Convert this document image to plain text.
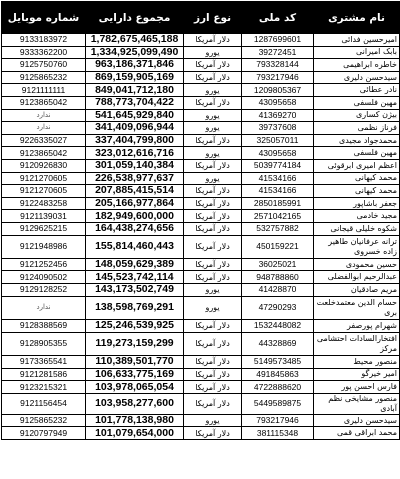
نام مشتری	کد ملی	نوع ارز	مجموع دارایی	شماره موبایل
امیرحسین فدائی	1287699601	دلار آمریکا	1,782,675,465,188	9133183972
بابک امیرانی	39272451	یورو	1,334,925,099,490	9333362200
خاطره ابراهیمی	793328144	دلار آمریکا	963,186,371,846	9125750760
سیدحسن دلیری	793217946	دلار آمریکا	869,159,905,169	9125865232
نادر عطائی	1209805367	یورو	849,041,712,180	9121111111
مهین فلسفی	43095658	دلار آمریکا	788,773,704,422	9123865042
بیژن کساری	41369270	یورو	541,645,929,840	ندارد
فرناز نظمی	39737608	یورو	341,409,096,944	ندارد
محمدجواد مجیدی	325057011	دلار آمریکا	337,404,799,800	9226335027
مهین فلسفی	43095658	یورو	323,012,616,716	9123865042
اعظم امیری ابرقوئی	5039774184	دلار آمریکا	301,059,140,384	9120926830
محمد کیهانی	41534166	یورو	226,538,977,637	9121270605
محمد کیهانی	41534166	دلار آمریکا	207,885,415,514	9121270605
جعفر باشاپور	2850185991	دلار آمریکا	205,166,977,864	9122483258
مجید خادمی	2571042165	دلار آمریکا	182,949,600,000	9121139031
شکوه خلیلی قیجانی	532757882	دلار آمریکا	164,438,274,656	9129625215
ترانه عرفانیان طاهیر زاده خسروی	450159221	دلار آمریکا	155,814,460,443	9121948986
حسین محمودی	36025021	دلار آمریکا	148,059,629,389	9121252456
عبدالرحیم ابوالفضلی	948788860	دلار آمریکا	145,523,742,114	9124090502
مریم صادقیان	41428870	یورو	143,173,502,749	9129128252
حسام الدین معتمدخلعت بری	47290293	یورو	138,598,769,291	ندارد
شهرام پورصفر	1532448082	دلار آمریکا	125,246,539,925	9128388569
افتخارالسادات احتشامی مرکز	44328869	دلار آمریکا	119,273,159,299	9128905355
منصور محیط	5149573485	دلار آمریکا	110,389,501,770	9173365541
امیر خیرگو	491845863	دلار آمریکا	106,633,775,169	9121281586
فارس احسن پور	4722888620	دلار آمریکا	103,978,065,054	9123215321
منصور مشایخی نظم آبادی	5449589875	دلار آمریکا	103,958,277,600	9121156454
سیدحسن دلیری	793217946	یورو	101,778,138,980	9125865232
محمد ابراقی قمی	381115348	دلار آمریکا	101,079,654,000	9120797949
